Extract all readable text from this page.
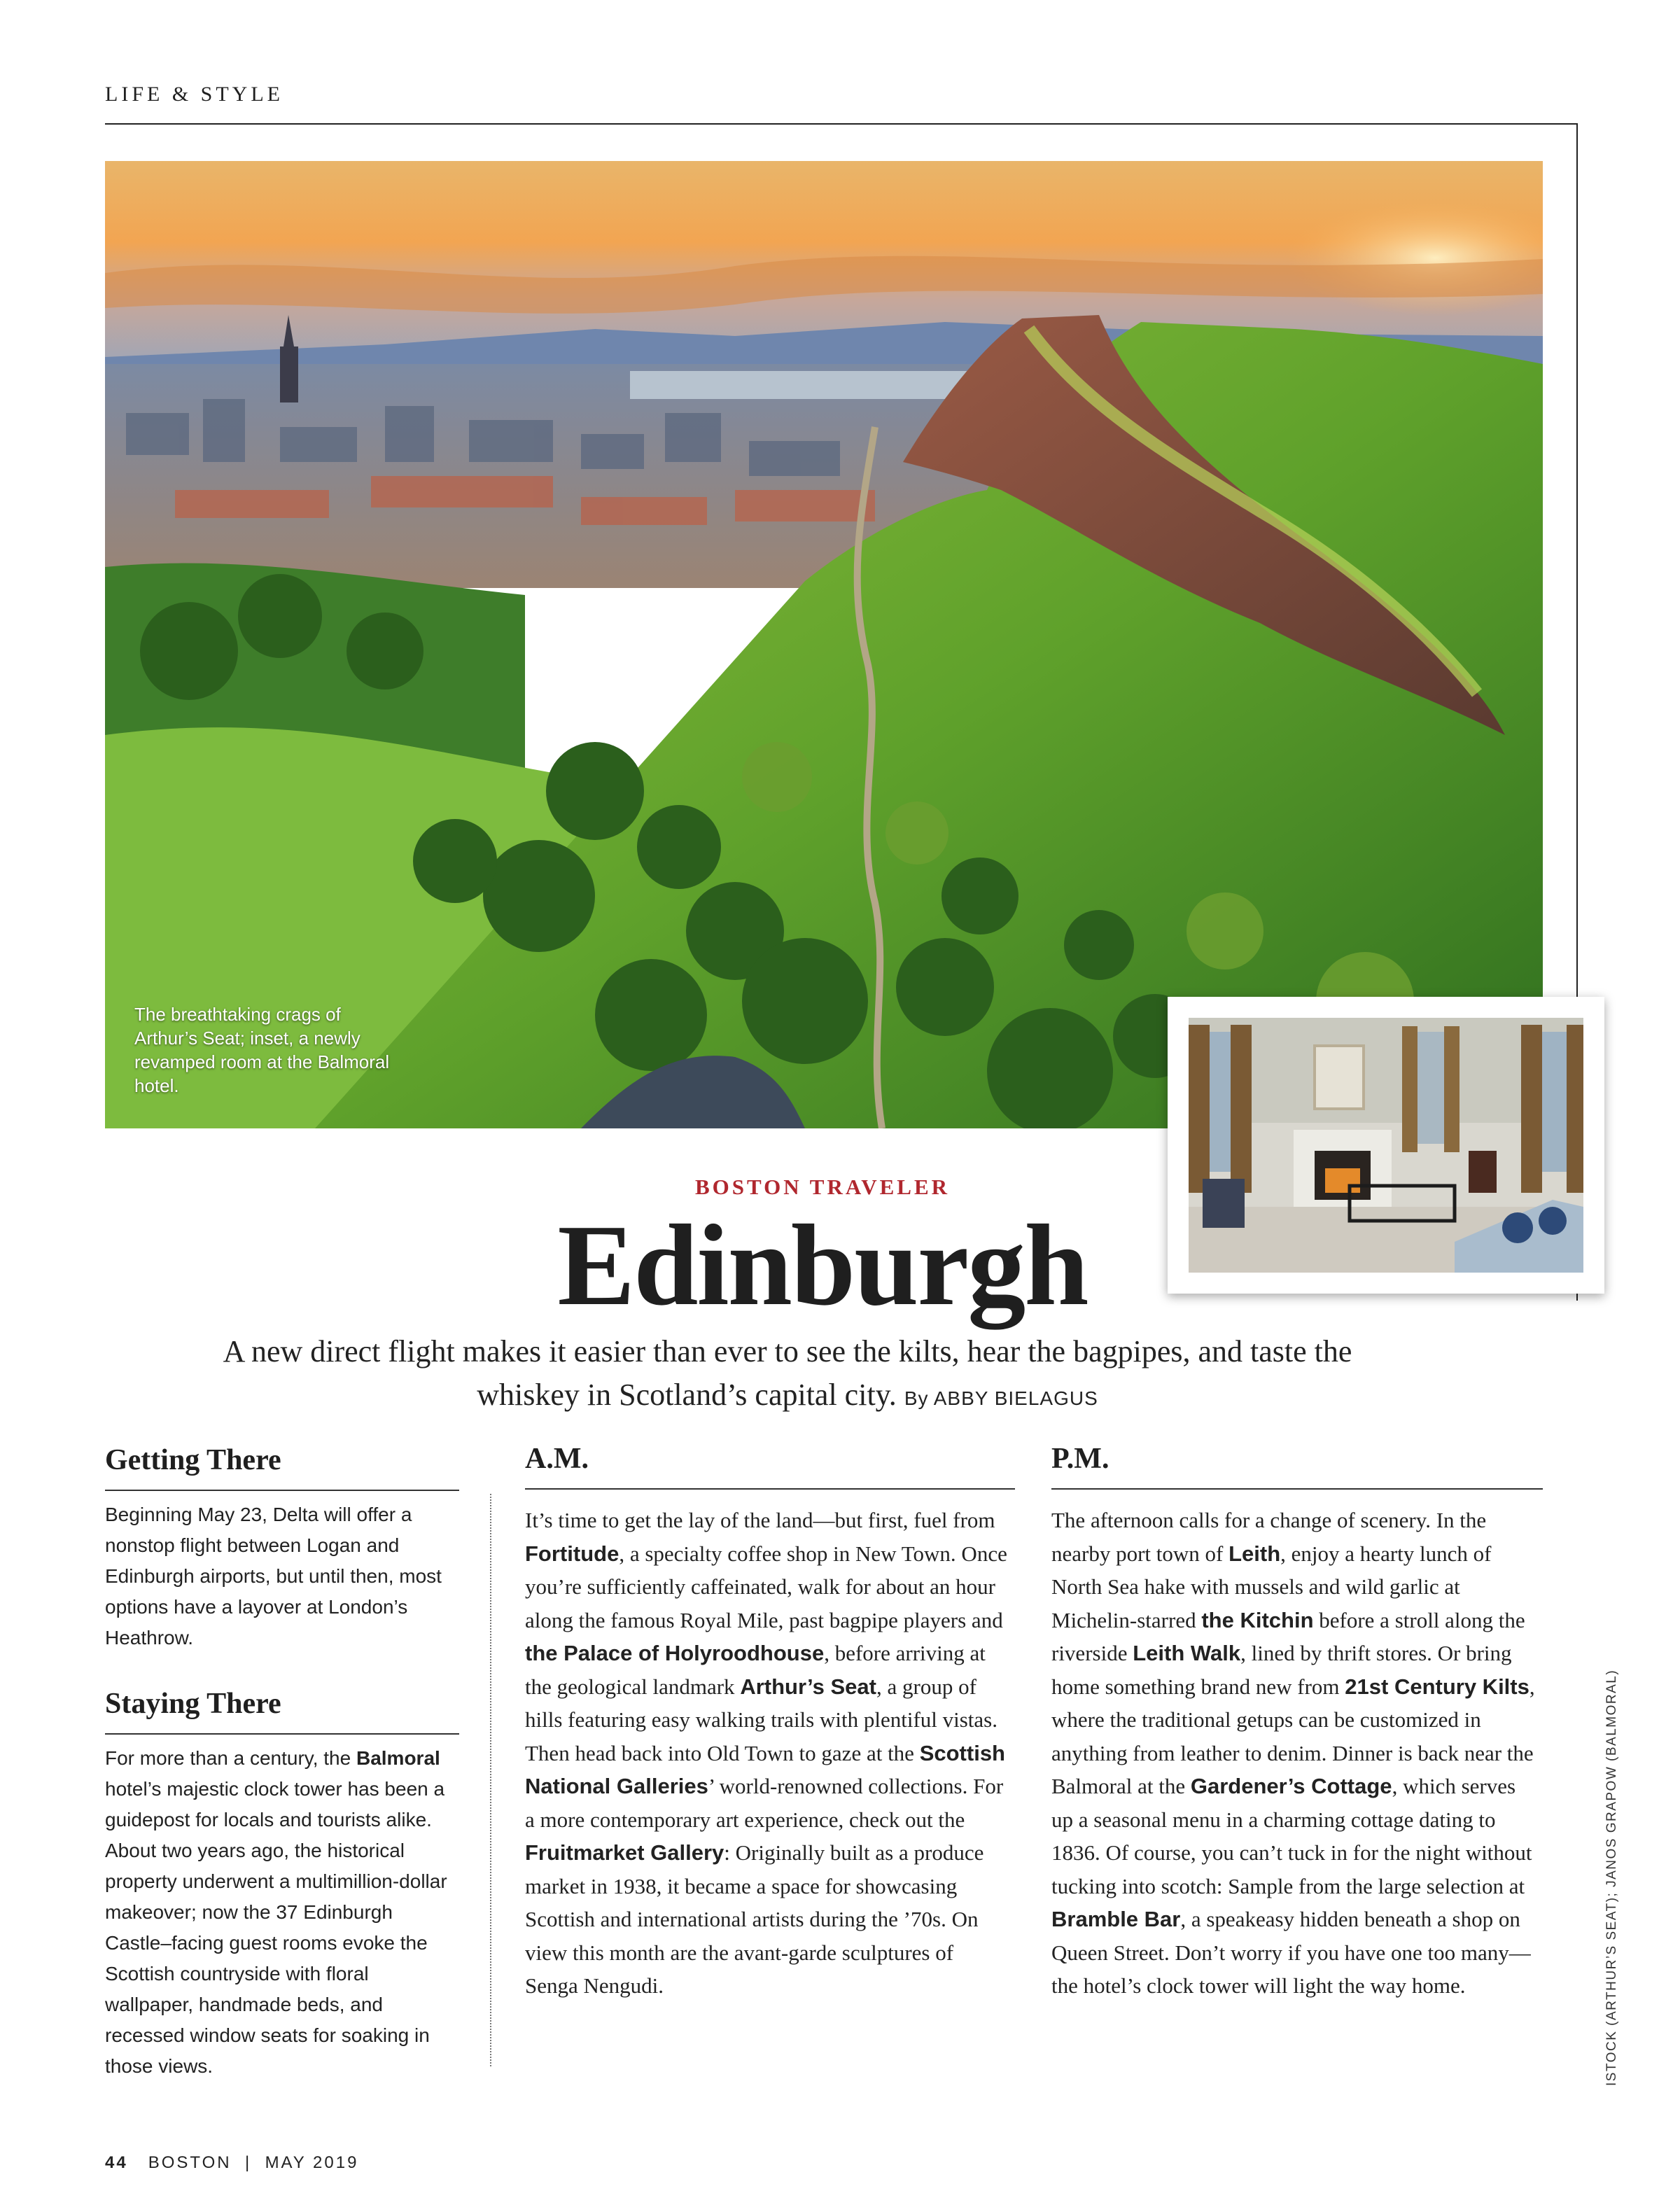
LIFE & STYLE
The breathtaking crags of Arthur’s Seat; inset, a newly revamped room at the Balmoral hotel.
BOSTON TRAVELER
Edinburgh
A new direct flight makes it easier than ever to see the kilts, hear the bagpipes, and taste the whiskey in Scotland’s capital city. By ABBY BIELAGUS
Getting There
Beginning May 23, Delta will offer a nonstop flight between Logan and Edinburgh airports, but until then, most options have a layover at London’s Heathrow.
Staying There
For more than a century, the Balmoral hotel’s majestic clock tower has been a guidepost for locals and tourists alike. About two years ago, the historical property underwent a multimillion-dollar makeover; now the 37 Edinburgh Castle–facing guest rooms evoke the Scottish countryside with floral wallpaper, handmade beds, and recessed window seats for soaking in those views.
A.M.
It’s time to get the lay of the land—but first, fuel from Fortitude, a specialty coffee shop in New Town. Once you’re sufficiently caffeinated, walk for about an hour along the famous Royal Mile, past bagpipe players and the Palace of Holyroodhouse, before arriving at the geological landmark Arthur’s Seat, a group of hills featuring easy walking trails with plentiful vistas. Then head back into Old Town to gaze at the Scottish National Galleries’ world-renowned collections. For a more contemporary art experience, check out the Fruitmarket Gallery: Originally built as a produce market in 1938, it became a space for showcasing Scottish and international artists during the ’70s. On view this month are the avant-garde sculptures of Senga Nengudi.
P.M.
The afternoon calls for a change of scenery. In the nearby port town of Leith, enjoy a hearty lunch of North Sea hake with mussels and wild garlic at Michelin-starred the Kitchin before a stroll along the riverside Leith Walk, lined by thrift stores. Or bring home something brand new from 21st Century Kilts, where the traditional getups can be customized in anything from leather to denim. Dinner is back near the Balmoral at the Gardener’s Cottage, which serves up a seasonal menu in a charming cottage dating to 1836. Of course, you can’t tuck in for the night without tucking into scotch: Sample from the large selection at Bramble Bar, a speakeasy hidden beneath a shop on Queen Street. Don’t worry if you have one too many—the hotel’s clock tower will light the way home.	ISTOCK (ARTHUR’S SEAT); JANOS GRAPOW (BALMORAL)
44 BOSTON | MAY 2019
